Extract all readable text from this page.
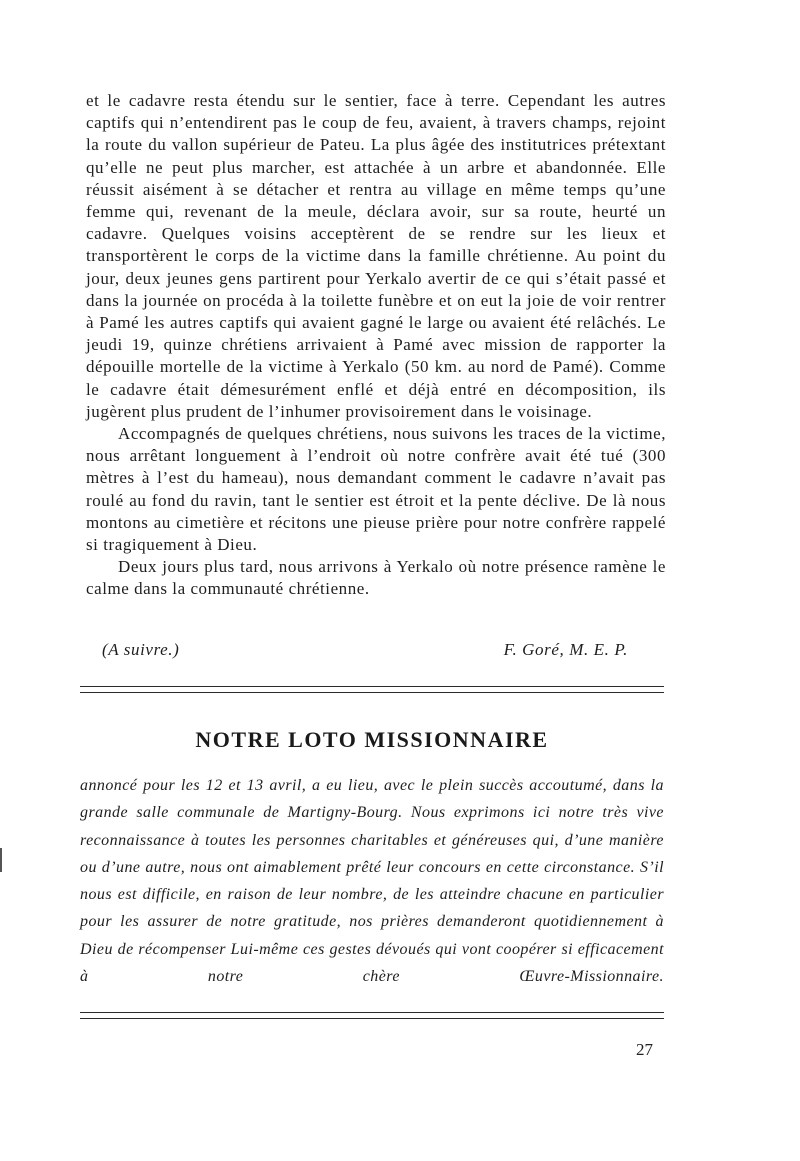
et le cadavre resta étendu sur le sentier, face à terre. Cependant les autres captifs qui n’entendirent pas le coup de feu, avaient, à travers champs, rejoint la route du vallon supérieur de Pateu. La plus âgée des institutrices prétextant qu’elle ne peut plus marcher, est attachée à un arbre et abandonnée. Elle réussit aisément à se détacher et rentra au village en même temps qu’une femme qui, revenant de la meule, déclara avoir, sur sa route, heurté un cadavre. Quelques voisins acceptèrent de se rendre sur les lieux et transportèrent le corps de la victime dans la famille chrétienne. Au point du jour, deux jeunes gens partirent pour Yerkalo avertir de ce qui s’était passé et dans la journée on procéda à la toilette funèbre et on eut la joie de voir rentrer à Pamé les autres captifs qui avaient gagné le large ou avaient été relâchés. Le jeudi 19, quinze chrétiens arrivaient à Pamé avec mission de rapporter la dépouille mortelle de la victime à Yerkalo (50 km. au nord de Pamé). Comme le cadavre était démesurément enflé et déjà entré en décomposition, ils jugèrent plus prudent de l’inhumer provisoirement dans le voisinage.

Accompagnés de quelques chrétiens, nous suivons les traces de la victime, nous arrêtant longuement à l’endroit où notre confrère avait été tué (300 mètres à l’est du hameau), nous demandant comment le cadavre n’avait pas roulé au fond du ravin, tant le sentier est étroit et la pente déclive. De là nous montons au cimetière et récitons une pieuse prière pour notre confrère rappelé si tragiquement à Dieu.

Deux jours plus tard, nous arrivons à Yerkalo où notre présence ramène le calme dans la communauté chrétienne.

(A suivre.)	F. Goré, M. E. P.
NOTRE LOTO MISSIONNAIRE

annoncé pour les 12 et 13 avril, a eu lieu, avec le plein succès accoutumé, dans la grande salle communale de Martigny-Bourg. Nous exprimons ici notre très vive reconnaissance à toutes les personnes charitables et généreuses qui, d’une manière ou d’une autre, nous ont aimablement prêté leur concours en cette circonstance. S’il nous est difficile, en raison de leur nombre, de les atteindre chacune en particulier pour les assurer de notre gratitude, nos prières demanderont quotidiennement à Dieu de récompenser Lui-même ces gestes dévoués qui vont coopérer si efficacement à notre chère Œuvre-Missionnaire.

27
